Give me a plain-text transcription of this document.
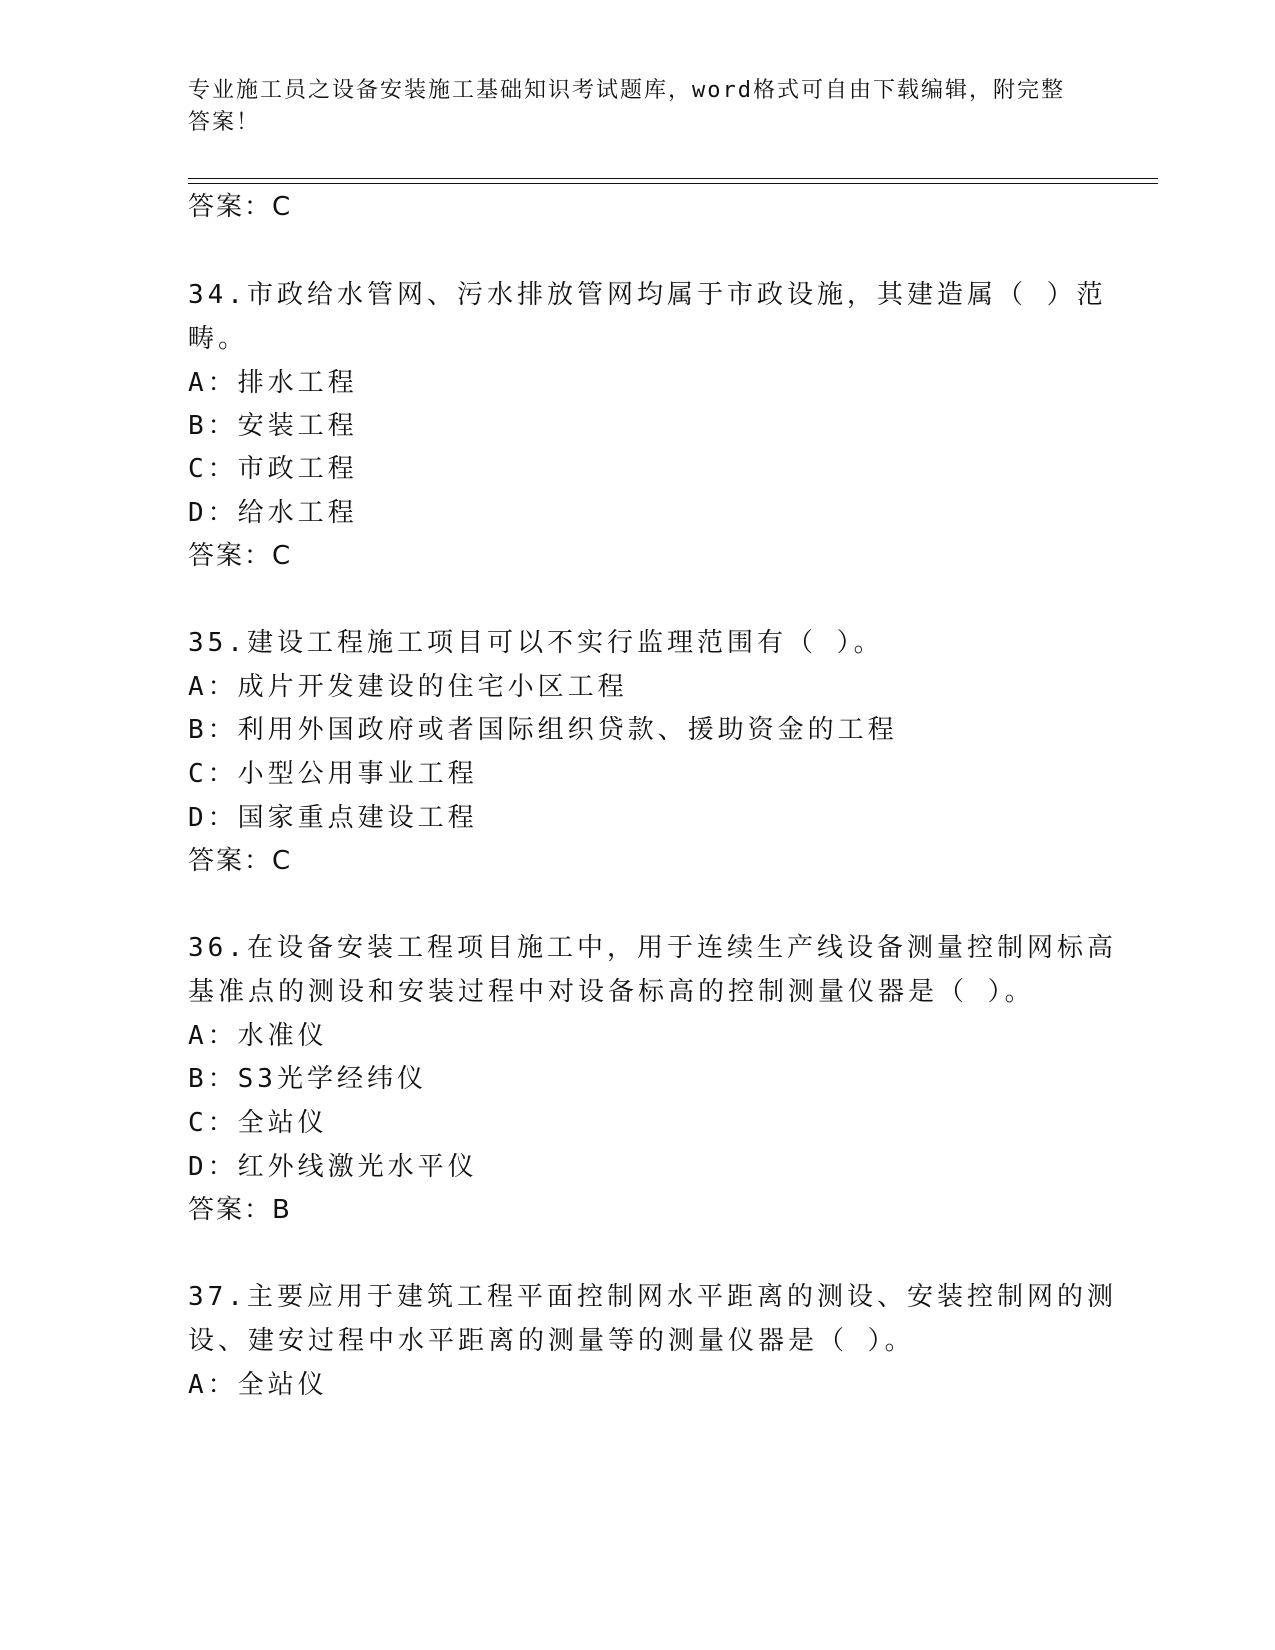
专业施工员之设备安装施工基础知识考试题库，word格式可自由下载编辑，附完整答案！
答案：C
34.市政给水管网、污水排放管网均属于市政设施，其建造属（ ）范
畴。
A：排水工程
B：安装工程
C：市政工程
D：给水工程
答案：C
35.建设工程施工项目可以不实行监理范围有（ ）。
A：成片开发建设的住宅小区工程
B：利用外国政府或者国际组织贷款、援助资金的工程
C：小型公用事业工程
D：国家重点建设工程
答案：C
36.在设备安装工程项目施工中，用于连续生产线设备测量控制网标高
基准点的测设和安装过程中对设备标高的控制测量仪器是（ ）。
A：水准仪
B：S3光学经纬仪
C：全站仪
D：红外线激光水平仪
答案：B
37.主要应用于建筑工程平面控制网水平距离的测设、安装控制网的测
设、建安过程中水平距离的测量等的测量仪器是（ ）。
A：全站仪
